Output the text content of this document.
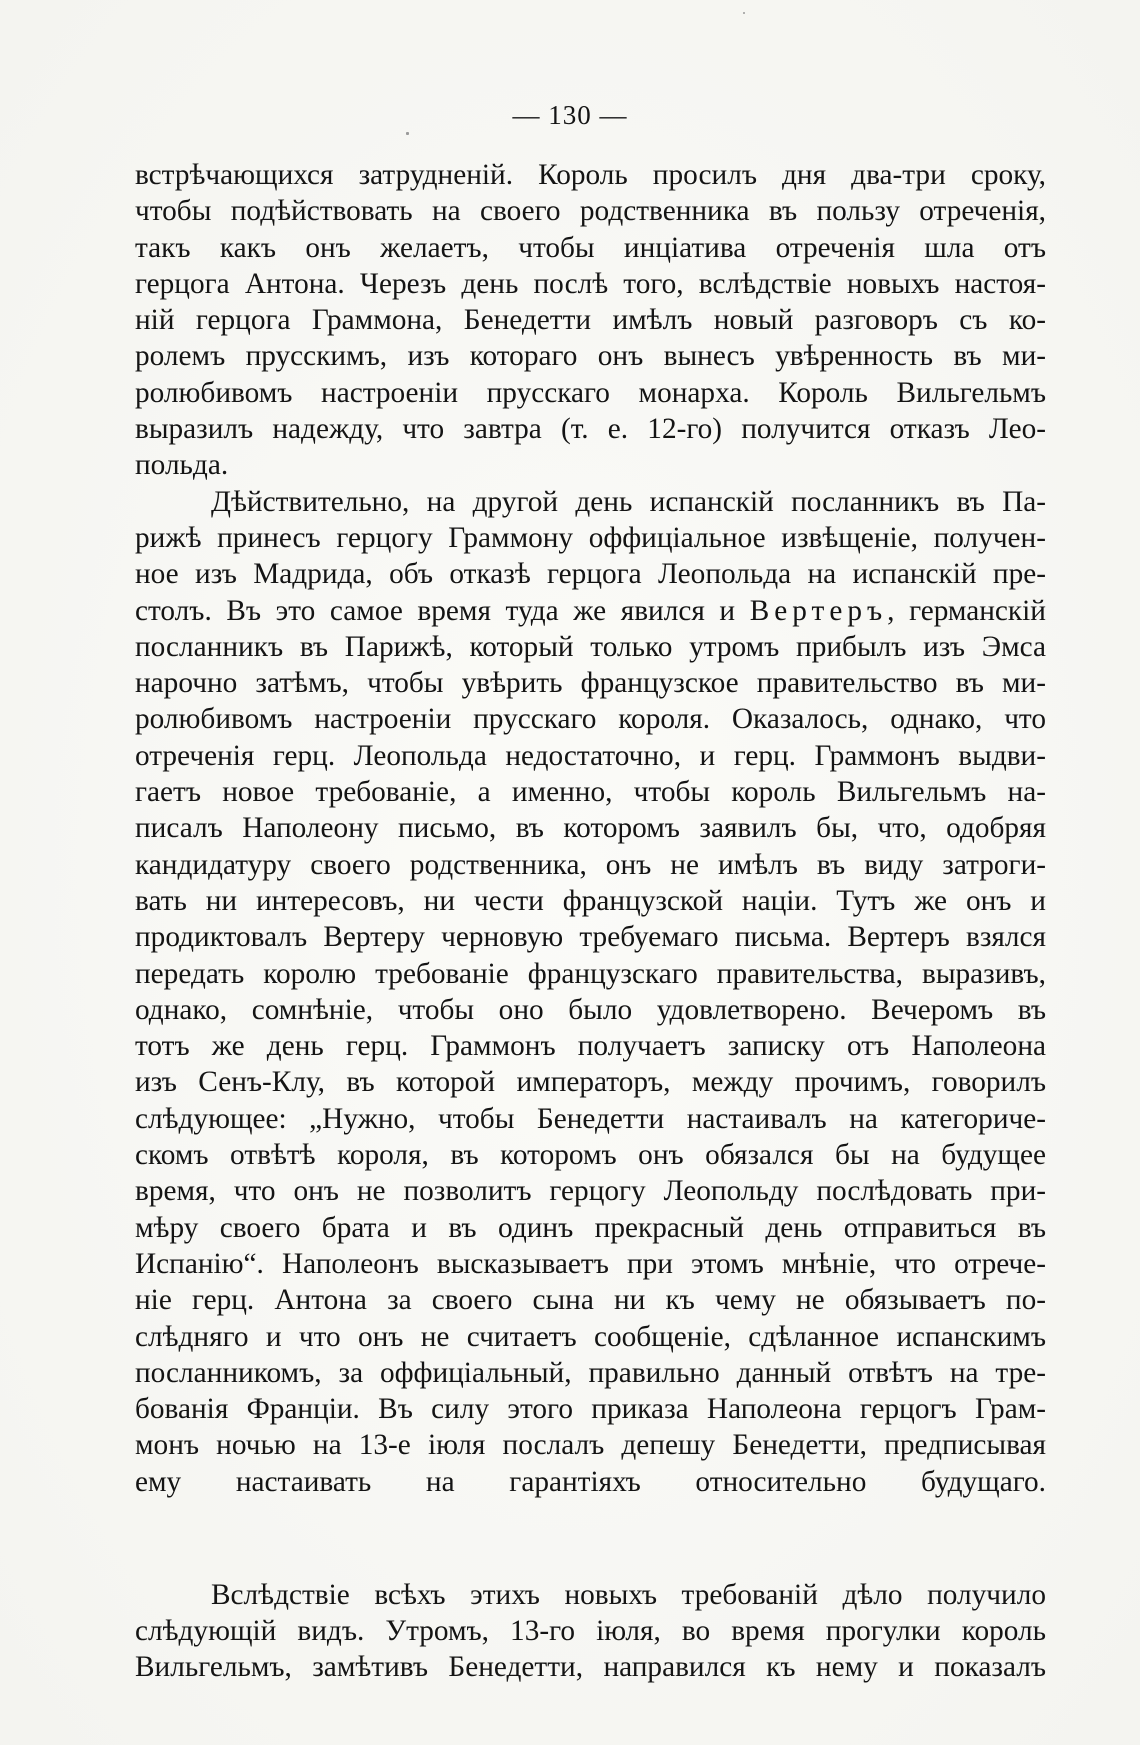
— 130 —
встрѣчающихся затрудненій. Король просилъ дня два-три сроку,
чтобы подѣйствовать на своего родственника въ пользу отреченія,
такъ какъ онъ желаетъ, чтобы инціатива отреченія шла отъ
герцога Антона. Черезъ день послѣ того, вслѣдствіе новыхъ настоя-
ній герцога Граммона, Бенедетти имѣлъ новый разговоръ съ ко-
ролемъ прусскимъ, изъ котораго онъ вынесъ увѣренность въ ми-
ролюбивомъ настроеніи прусскаго монарха. Король Вильгельмъ
выразилъ надежду, что завтра (т. е. 12-го) получится отказъ Лео-
польда.
Дѣйствительно, на другой день испанскій посланникъ въ Па-
рижѣ принесъ герцогу Граммону оффиціальное извѣщеніе, получен-
ное изъ Мадрида, объ отказѣ герцога Леопольда на испанскій пре-
столъ. Въ это самое время туда же явился и Вертеръ, германскій
посланникъ въ Парижѣ, который только утромъ прибылъ изъ Эмса
нарочно затѣмъ, чтобы увѣрить французское правительство въ ми-
ролюбивомъ настроеніи прусскаго короля. Оказалось, однако, что
отреченія герц. Леопольда недостаточно, и герц. Граммонъ выдви-
гаетъ новое требованіе, а именно, чтобы король Вильгельмъ на-
писалъ Наполеону письмо, въ которомъ заявилъ бы, что, одобряя
кандидатуру своего родственника, онъ не имѣлъ въ виду затроги-
вать ни интересовъ, ни чести французской націи. Тутъ же онъ и
продиктовалъ Вертеру черновую требуемаго письма. Вертеръ взялся
передать королю требованіе французскаго правительства, выразивъ,
однако, сомнѣніе, чтобы оно было удовлетворено. Вечеромъ въ
тотъ же день герц. Граммонъ получаетъ записку отъ Наполеона
изъ Сенъ-Клу, въ которой императоръ, между прочимъ, говорилъ
слѣдующее: „Нужно, чтобы Бенедетти настаивалъ на категориче-
скомъ отвѣтѣ короля, въ которомъ онъ обязался бы на будущее
время, что онъ не позволитъ герцогу Леопольду послѣдовать при-
мѣру своего брата и въ одинъ прекрасный день отправиться въ
Испанію“. Наполеонъ высказываетъ при этомъ мнѣніе, что отрече-
ніе герц. Антона за своего сына ни къ чему не обязываетъ по-
слѣдняго и что онъ не считаетъ сообщеніе, сдѣланное испанскимъ
посланникомъ, за оффиціальный, правильно данный отвѣтъ на тре-
бованія Франціи. Въ силу этого приказа Наполеона герцогъ Грам-
монъ ночью на 13-е іюля послалъ депешу Бенедетти, предписывая
ему настаивать на гарантіяхъ относительно будущаго.
Вслѣдствіе всѣхъ этихъ новыхъ требованій дѣло получило
слѣдующій видъ. Утромъ, 13-го іюля, во время прогулки король
Вильгельмъ, замѣтивъ Бенедетти, направился къ нему и показалъ
